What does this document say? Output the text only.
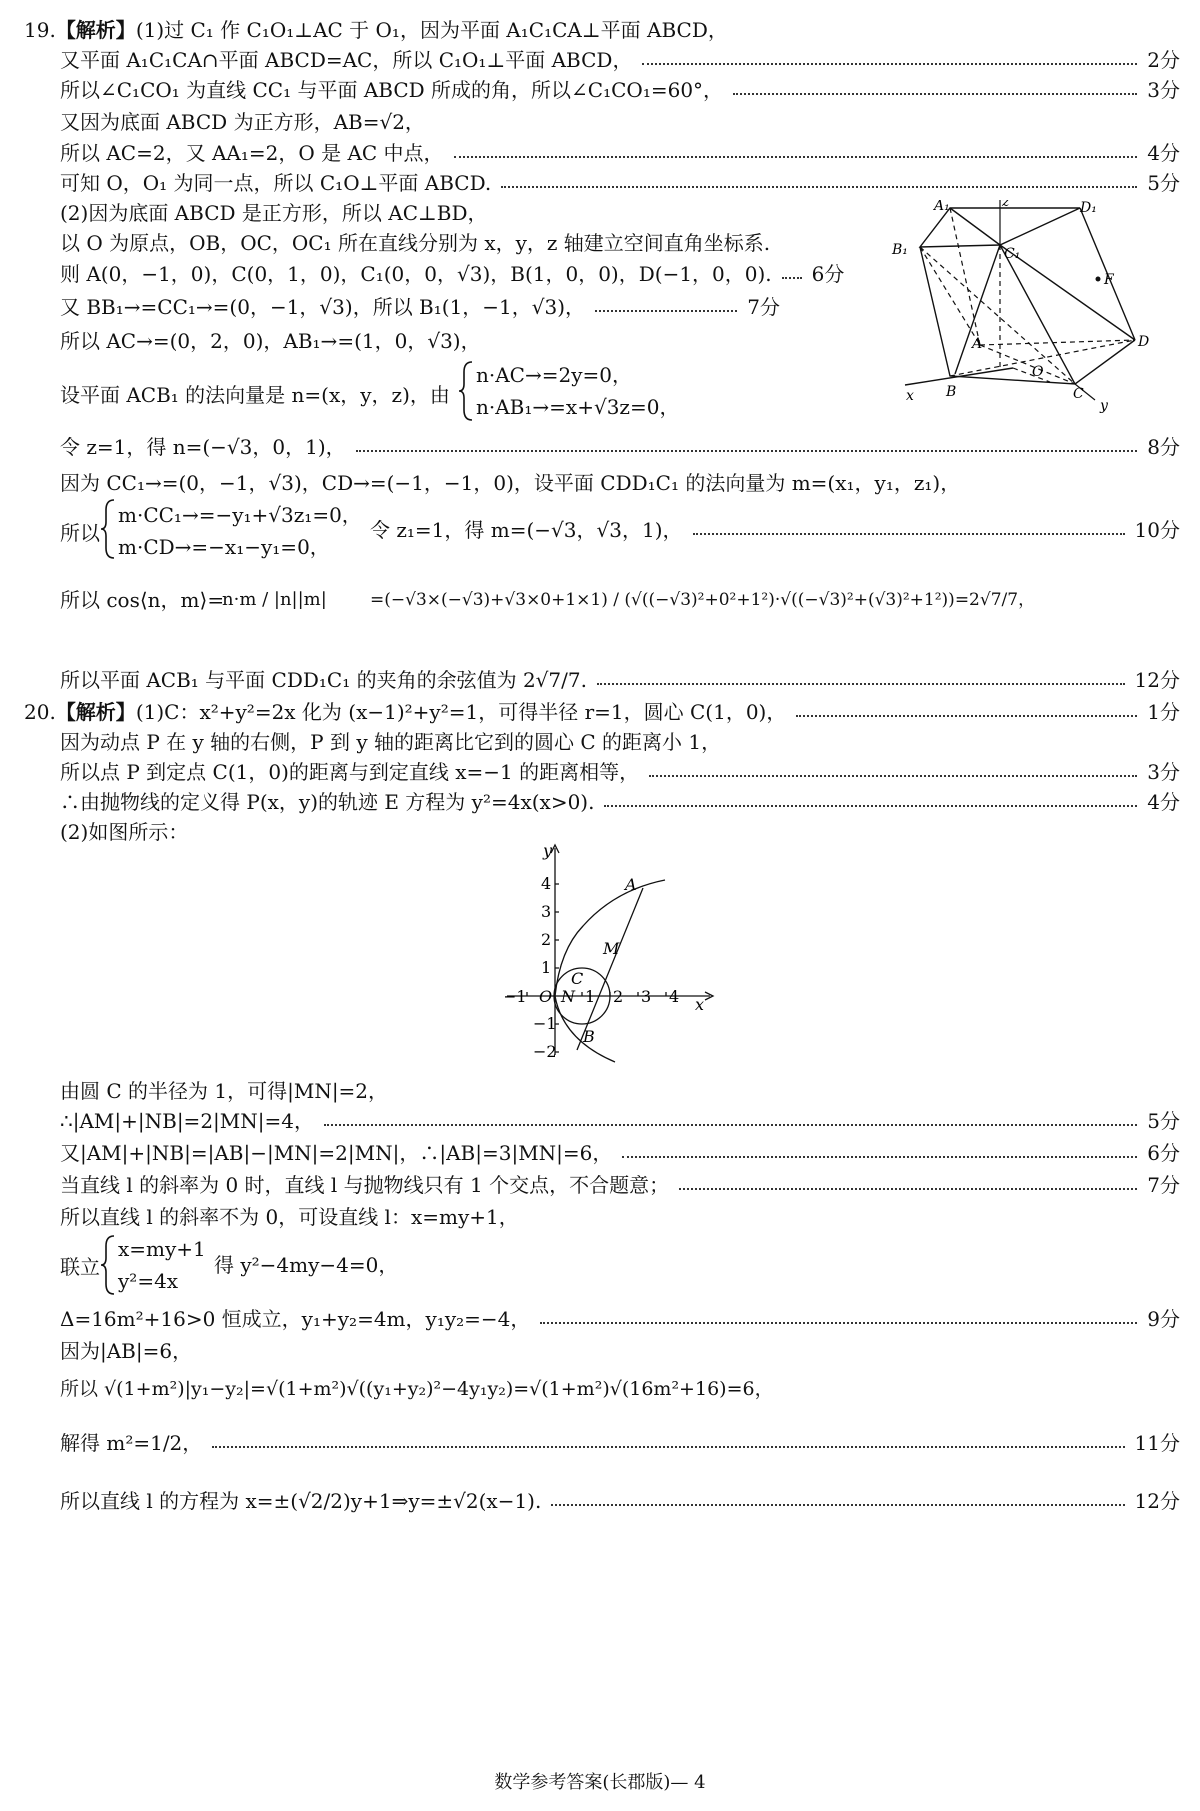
19. 【解析】 (1)过 C₁ 作 C₁O₁⊥AC 于 O₁，因为平面 A₁C₁CA⊥平面 ABCD，
又平面 A₁C₁CA∩平面 ABCD=AC，所以 C₁O₁⊥平面 ABCD，	2分
所以∠C₁CO₁ 为直线 CC₁ 与平面 ABCD 所成的角，所以∠C₁CO₁=60°，	3分
又因为底面 ABCD 为正方形，AB=√2，
所以 AC=2，又 AA₁=2，O 是 AC 中点，	4分
可知 O，O₁ 为同一点，所以 C₁O⊥平面 ABCD.	5分
(2)因为底面 ABCD 是正方形，所以 AC⊥BD，
以 O 为原点，OB，OC，OC₁ 所在直线分别为 x，y，z 轴建立空间直角坐标系.
则 A(0，−1，0)，C(0，1，0)，C₁(0，0，√3)，B(1，0，0)，D(−1，0，0). 6分
又 BB₁→=CC₁→=(0，−1，√3)，所以 B₁(1，−1，√3)，	7分
所以 AC→=(0，2，0)，AB₁→=(1，0，√3)，
设平面 ACB₁ 的法向量是 n=(x，y，z)，由
n·AC→=2y=0，
n·AB₁→=x+√3z=0，
令 z=1，得 n=(−√3，0，1)，	8分
因为 CC₁→=(0，−1，√3)，CD→=(−1，−1，0)，设平面 CDD₁C₁ 的法向量为 m=(x₁，y₁，z₁)，
所以
m·CC₁→=−y₁+√3z₁=0，
m·CD→=−x₁−y₁=0，
令 z₁=1，得 m=(−√3，√3，1)，	10分
所以 cos⟨n，m⟩=
n·m / |n||m|	=(−√3×(−√3)+√3×0+1×1) / (√((−√3)²+0²+1²)·√((−√3)²+(√3)²+1²))=2√7/7，
所以平面 ACB₁ 与平面 CDD₁C₁ 的夹角的余弦值为 2√7/7.	12分
A₁	D₁
z
B₁	C₁
F
A	D
O
B	C
x
y
20. 【解析】 (1)C：x²+y²=2x 化为 (x−1)²+y²=1，可得半径 r=1，圆心 C(1，0)，	1分
因为动点 P 在 y 轴的右侧，P 到 y 轴的距离比它到的圆心 C 的距离小 1，
所以点 P 到定点 C(1，0)的距离与到定直线 x=−1 的距离相等，	3分
∴由抛物线的定义得 P(x，y)的轨迹 E 方程为 y²=4x(x>0).	4分
(2)如图所示：
−1 O 1 2 3 4
4
3
2
1
−1
−2
x
y
A
M
C
N
B
由圆 C 的半径为 1，可得|MN|=2，
∴|AM|+|NB|=2|MN|=4，	5分
又|AM|+|NB|=|AB|−|MN|=2|MN|，∴|AB|=3|MN|=6，	6分
当直线 l 的斜率为 0 时，直线 l 与抛物线只有 1 个交点，不合题意；	7分
所以直线 l 的斜率不为 0，可设直线 l：x=my+1，
联立
x=my+1
y²=4x
得 y²−4my−4=0，
Δ=16m²+16>0 恒成立，y₁+y₂=4m，y₁y₂=−4，	9分
因为|AB|=6，
所以 √(1+m²)|y₁−y₂|=√(1+m²)√((y₁+y₂)²−4y₁y₂)=√(1+m²)√(16m²+16)=6，
解得 m²=1/2，	11分
所以直线 l 的方程为 x=±(√2/2)y+1⇒y=±√2(x−1).	12分
数学参考答案(长郡版)— 4
